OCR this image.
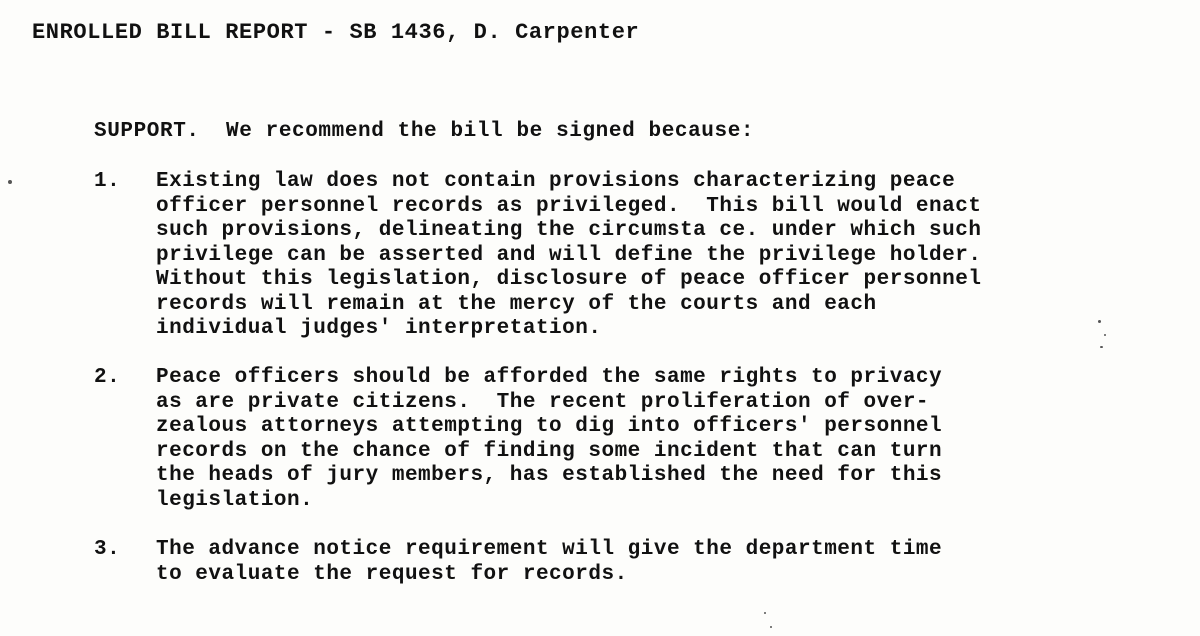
ENROLLED BILL REPORT - SB 1436, D. Carpenter
SUPPORT.  We recommend the bill be signed because:
1.	Existing law does not contain provisions characterizing peace
officer personnel records as privileged.  This bill would enact
such provisions, delineating the circumsta ce. under which such
privilege can be asserted and will define the privilege holder.
Without this legislation, disclosure of peace officer personnel
records will remain at the mercy of the courts and each
individual judges' interpretation.
2.	Peace officers should be afforded the same rights to privacy
as are private citizens.  The recent proliferation of over-
zealous attorneys attempting to dig into officers' personnel
records on the chance of finding some incident that can turn
the heads of jury members, has established the need for this
legislation.
3.	The advance notice requirement will give the department time
to evaluate the request for records.
